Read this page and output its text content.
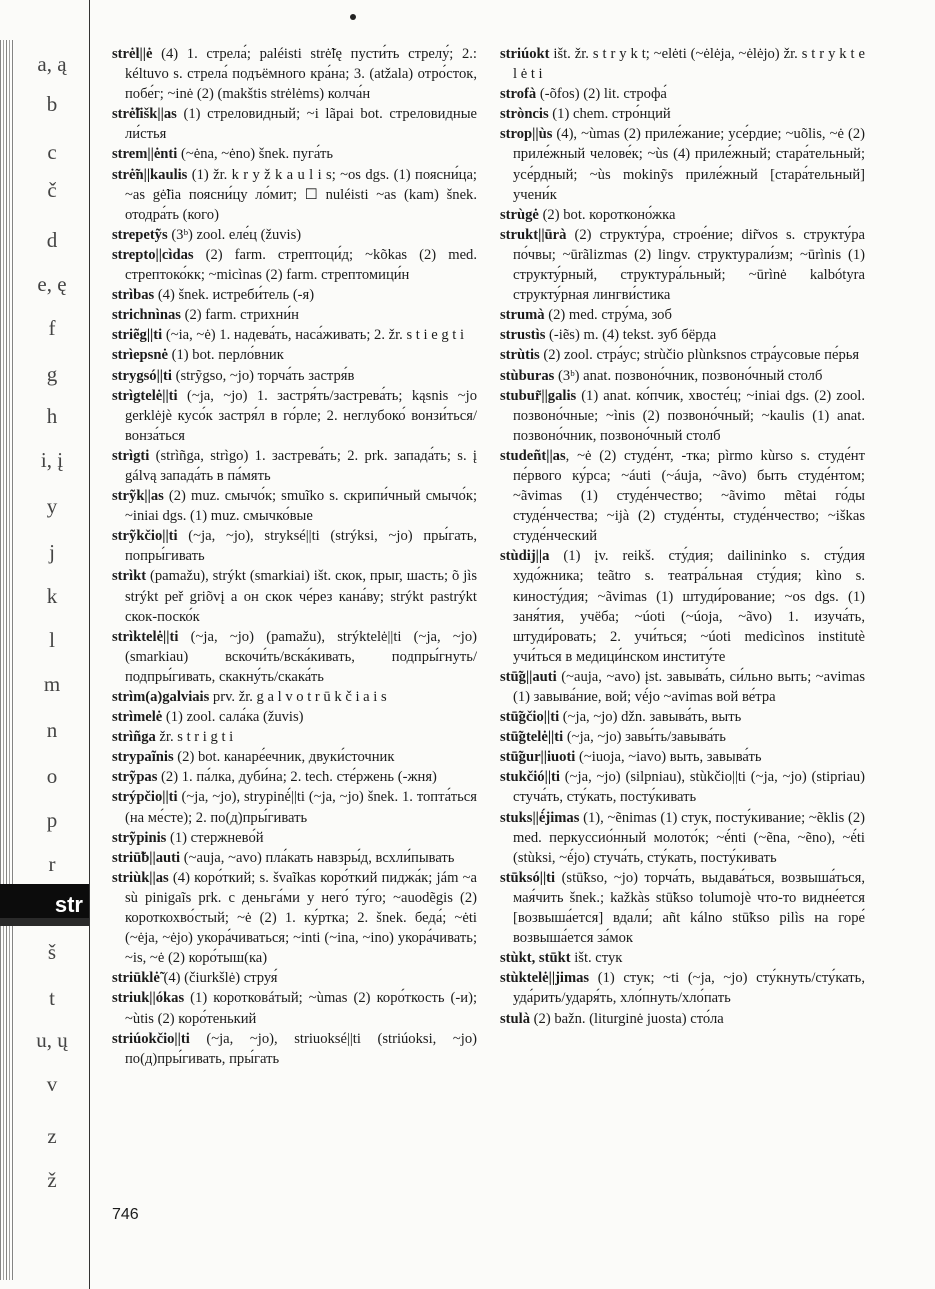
a, ą
b
c
č
d
e, ę
f
g
h
i, į
y
j
k
l
m
n
o
p
r
str
š
t
u, ų
v
z
ž

strėl||ė (4) 1. стрела́; paléisti strė̃lę пусти́ть стрелу́; 2.: kéltuvo s. стрела́ подъёмного кра́на; 3. (atžala) отро́сток, побе́г; ~inė (2) (makštis strėlėms) колча́н

strė̃lišk||as (1) стреловидный; ~i lãpai bot. стреловидные ли́стья

strem||ėnti (~ėna, ~ėno) šnek. пуга́ть

strė̃n||kaulis (1) žr. k r y ž k a u l i s; ~os dgs. (1) поясни́ца; ~as gė̃lia поясни́цу ло́мит; ☐ nuléisti ~as (kam) šnek. отодра́ть (кого)

strepetỹs (3ᵇ) zool. еле́ц (žuvis)

strepto||cìdas (2) farm. стрептоци́д; ~kõkas (2) med. стрептоко́кк; ~micìnas (2) farm. стрептомици́н

strìbas (4) šnek. истреби́тель (-я)

strichnìnas (2) farm. стрихни́н

striẽg||ti (~ia, ~ė) 1. надева́ть, наса́живать; 2. žr. s t i e g t i

strìepsnė (1) bot. перло́вник

strygsó||ti (strỹgso, ~jo) торча́ть застря́в

strìgtelė||ti (~ja, ~jo) 1. застря́ть/застрева́ть; kąsnis ~jo gerklėjè кусо́к застря́л в го́рле; 2. неглубоко́ вонзи́ться/вонза́ться

strìgti (strìñga, strìgo) 1. застрева́ть; 2. prk. запада́ть; s. į gálvą запада́ть в па́мять

strỹk||as (2) muz. смычо́к; smuĩko s. скрипи́чный смычо́к; ~iniai dgs. (1) muz. смычко́вые

strỹkčio||ti (~ja, ~jo), stryksé||ti (strýksi, ~jo) пры́гать, попры́гивать

strìkt (pamažu), strýkt (smarkiai) išt. скок, прыг, шасть; õ jìs strýkt peř griõvį а он скок че́рез кана́ву; strýkt pastrýkt скок-поско́к

strìktelė||ti (~ja, ~jo) (pamažu), strýktelė||ti (~ja, ~jo) (smarkiau) вскочи́ть/вска́кивать, подпры́гнуть/подпры́гивать, скакну́ть/скака́ть

strìm(a)galviais prv. žr. g a l v o t r ū k č i a i s

strìmelė (1) zool. сала́ка (žuvis)

strìñga žr. s t r i g t i

strypaĩnis (2) bot. канаре́ечник, двуки́сточник

strỹpas (2) 1. па́лка, дуби́на; 2. tech. сте́ржень (-жня)

strýpčio||ti (~ja, ~jo), strypinė́||ti (~ja, ~jo) šnek. 1. топта́ться (на ме́сте); 2. по(д)пры́гивать

strỹpinis (1) стержнево́й

striū̃b||auti (~auja, ~avo) пла́кать навзры́д, всхли́пывать

striùk||as (4) коро́ткий; s. švaĩkas коро́ткий пиджа́к; jám ~a sù pinigaĩs prk. с деньга́ми у него́ ту́го; ~auodẽgis (2) короткохво́стый; ~ė (2) 1. ку́ртка; 2. šnek. беда́; ~ėti (~ėja, ~ėjo) укора́чиваться; ~inti (~ina, ~ino) укора́чивать; ~is, ~ė (2) коро́тыш(ка)

striūklė̃ (4) (čiurkšlė) струя́

striuk||ókas (1) коротковáтый; ~ùmas (2) коро́ткость (-и); ~ùtis (2) коро́тенький

striúokčio||ti (~ja, ~jo), striuoksé||ti (striúoksi, ~jo) по(д)пры́гивать, пры́гать

striúokt išt. žr. s t r y k t; ~elėti (~ėlėja, ~ėlėjo) žr. s t r y k t e l ė t i

strofà (-õfos) (2) lit. строфа́

stròncis (1) chem. стро́нций

strop||ùs (4), ~ùmas (2) приле́жание; усе́рдие; ~uõlis, ~ė (2) приле́жный челове́к; ~ùs (4) приле́жный; стара́тельный; усе́рдный; ~ùs mokinỹs приле́жный [стара́тельный] учени́к

strùgė (2) bot. коротконо́жка

strukt||ūrà (2) структу́ра, строе́ние; dir̃vos s. структу́ра по́чвы; ~ūrãlizmas (2) lingv. структурали́зм; ~ūrìnis (1) структу́рный, структура́льный; ~ūrìnė kalbótyra структу́рная лингви́стика

strumà (2) med. стру́ма, зоб

strustìs (-iẽs) m. (4) tekst. зуб бёрда

strùtis (2) zool. стра́ус; strùčio plùnksnos стра́усовые пе́рья

stùburas (3ᵇ) anat. позвоно́чник, позвоно́чный столб

stubur̃||galis (1) anat. ко́пчик, хвосте́ц; ~iniai dgs. (2) zool. позвоно́чные; ~ìnis (2) позвоно́чный; ~kaulis (1) anat. позвоно́чник, позвоно́чный столб

studeñt||as, ~ė (2) студе́нт, -тка; pìrmo kùrso s. студе́нт пе́рвого ку́рса; ~áuti (~áuja, ~ãvo) быть студе́нтом; ~ãvimas (1) студе́нчество; ~ãvimo mẽtai го́ды студе́нчества; ~ijà (2) студе́нты, студе́нчество; ~iškas студе́нческий

stùdij||a (1) įv. reikš. сту́дия; dailininko s. сту́дия худо́жника; teãtro s. театра́льная сту́дия; kìno s. киносту́дия; ~ãvimas (1) штуди́рование; ~os dgs. (1) заня́тия, учёба; ~úoti (~úoja, ~ãvo) 1. изуча́ть, штуди́ровать; 2. учи́ться; ~úoti medicìnos institutè учи́ться в медици́нском институ́те

stū̃g||auti (~auja, ~avo) įst. завыва́ть, си́льно выть; ~avimas (1) завыва́ние, вой; vė́jo ~avimas вой ве́тра

stū̃gčio||ti (~ja, ~jo) džn. завыва́ть, выть

stū̃gtelė||ti (~ja, ~jo) завы́ть/завыва́ть

stū̃gur||iuoti (~iuoja, ~iavo) выть, завыва́ть

stukčió||ti (~ja, ~jo) (silpniau), stùkčio||ti (~ja, ~jo) (stipriau) стуча́ть, сту́кать, посту́кивать

stuks||ė́jimas (1), ~ẽnimas (1) стук, посту́кивание; ~ẽklis (2) med. перкуссио́нный молото́к; ~ė́nti (~ẽna, ~ẽno), ~ė́ti (stùksi, ~ė́jo) стуча́ть, сту́кать, посту́кивать

stūksó||ti (stū̃kso, ~jo) торча́ть, выдава́ться, возвыша́ться, мая́чить šnek.; kažkàs stū̃kso tolumojè что-то видне́ется [возвыша́ется] вдали́; añt kálno stū̃kso pilìs на горе́ возвыша́ется за́мок

stùkt, stūkt išt. стук

stùktelė||jimas (1) стук; ~ti (~ja, ~jo) сту́кнуть/сту́кать, уда́рить/ударя́ть, хло́пнуть/хло́пать

stulà (2) bažn. (liturginė juosta) сто́ла

746
